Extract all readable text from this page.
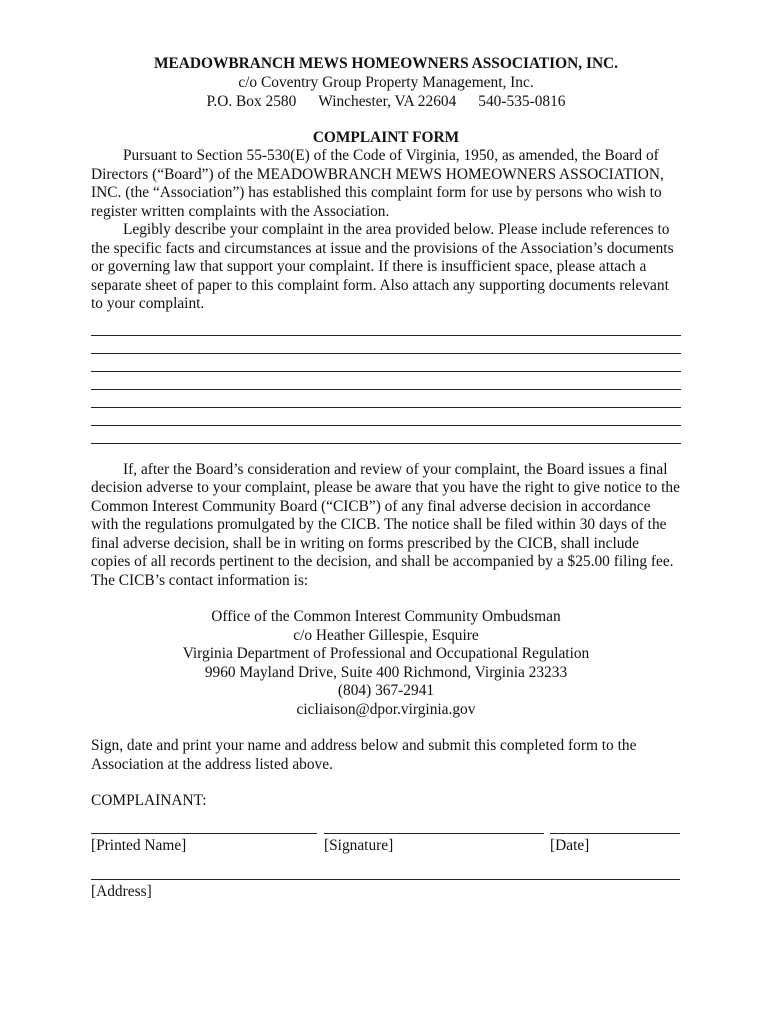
MEADOWBRANCH MEWS HOMEOWNERS ASSOCIATION, INC.
c/o Coventry Group Property Management, Inc.
P.O. Box 2580 Winchester, VA 22604 540-535-0816
COMPLAINT FORM

Pursuant to Section 55-530(E) of the Code of Virginia, 1950, as amended, the Board of Directors (“Board”) of the MEADOWBRANCH MEWS HOMEOWNERS ASSOCIATION, INC. (the “Association”) has established this complaint form for use by persons who wish to register written complaints with the Association.

Legibly describe your complaint in the area provided below. Please include references to the specific facts and circumstances at issue and the provisions of the Association’s documents or governing law that support your complaint. If there is insufficient space, please attach a separate sheet of paper to this complaint form. Also attach any supporting documents relevant to your complaint.

If, after the Board’s consideration and review of your complaint, the Board issues a final decision adverse to your complaint, please be aware that you have the right to give notice to the Common Interest Community Board (“CICB”) of any final adverse decision in accordance with the regulations promulgated by the CICB. The notice shall be filed within 30 days of the final adverse decision, shall be in writing on forms prescribed by the CICB, shall include copies of all records pertinent to the decision, and shall be accompanied by a $25.00 filing fee. The CICB’s contact information is:

Office of the Common Interest Community Ombudsman
c/o Heather Gillespie, Esquire
Virginia Department of Professional and Occupational Regulation
9960 Mayland Drive, Suite 400 Richmond, Virginia 23233
(804) 367-2941
cicliaison@dpor.virginia.gov
Sign, date and print your name and address below and submit this completed form to the Association at the address listed above.
COMPLAINANT:
[Printed Name]	[Signature]	[Date]
[Address]
